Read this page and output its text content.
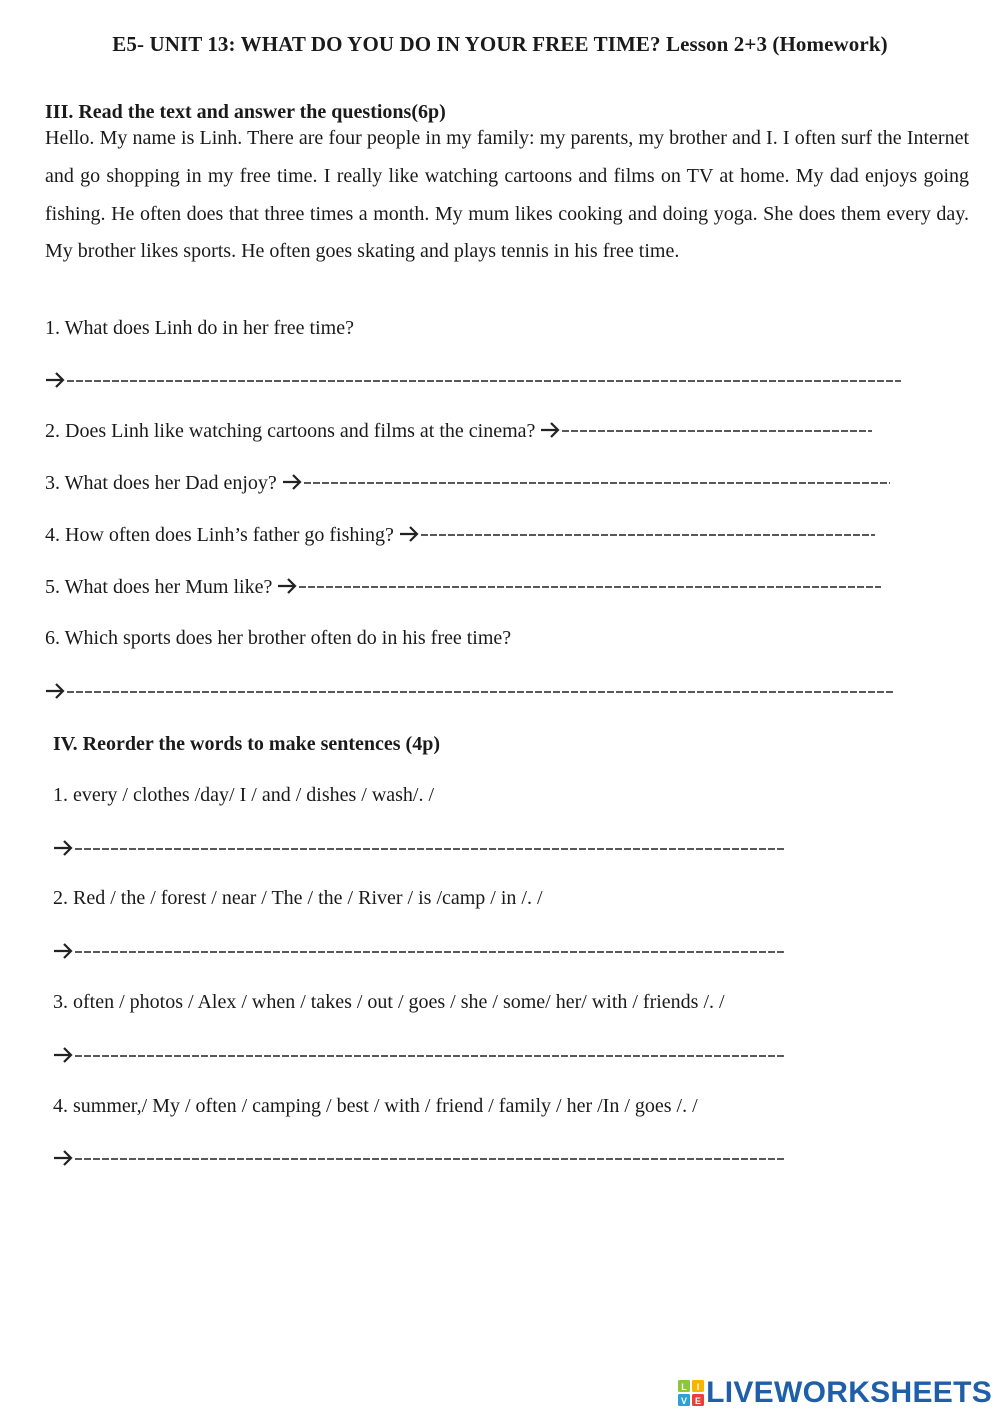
E5- UNIT 13: WHAT DO YOU DO IN YOUR FREE TIME? Lesson 2+3 (Homework)
III. Read the text and answer the questions(6p)

Hello. My name is Linh. There are four people in my family: my parents, my brother and I. I often surf the Internet and go shopping in my free time. I really like watching cartoons and films on TV at home. My dad enjoys going fishing. He often does that three times a month. My mum likes cooking and doing yoga. She does them every day. My brother likes sports. He often goes skating and plays tennis in his free time.

1. What does Linh do in her free time?
2. Does Linh like watching cartoons and films at the cinema?
3. What does her Dad enjoy?
4. How often does Linh’s father go fishing?
5. What does her Mum like?
6. Which sports does her brother often do in his free time?
IV. Reorder the words to make sentences (4p)
1. every / clothes /day/ I / and / dishes / wash/. /
2. Red / the / forest / near / The / the / River / is /camp / in /. /
3. often / photos / Alex / when / takes / out / goes / she / some/ her/ with / friends /. /
4. summer,/ My / often / camping / best / with / friend / family / her /In / goes /. /
L I
V E LIVEWORKSHEETS
